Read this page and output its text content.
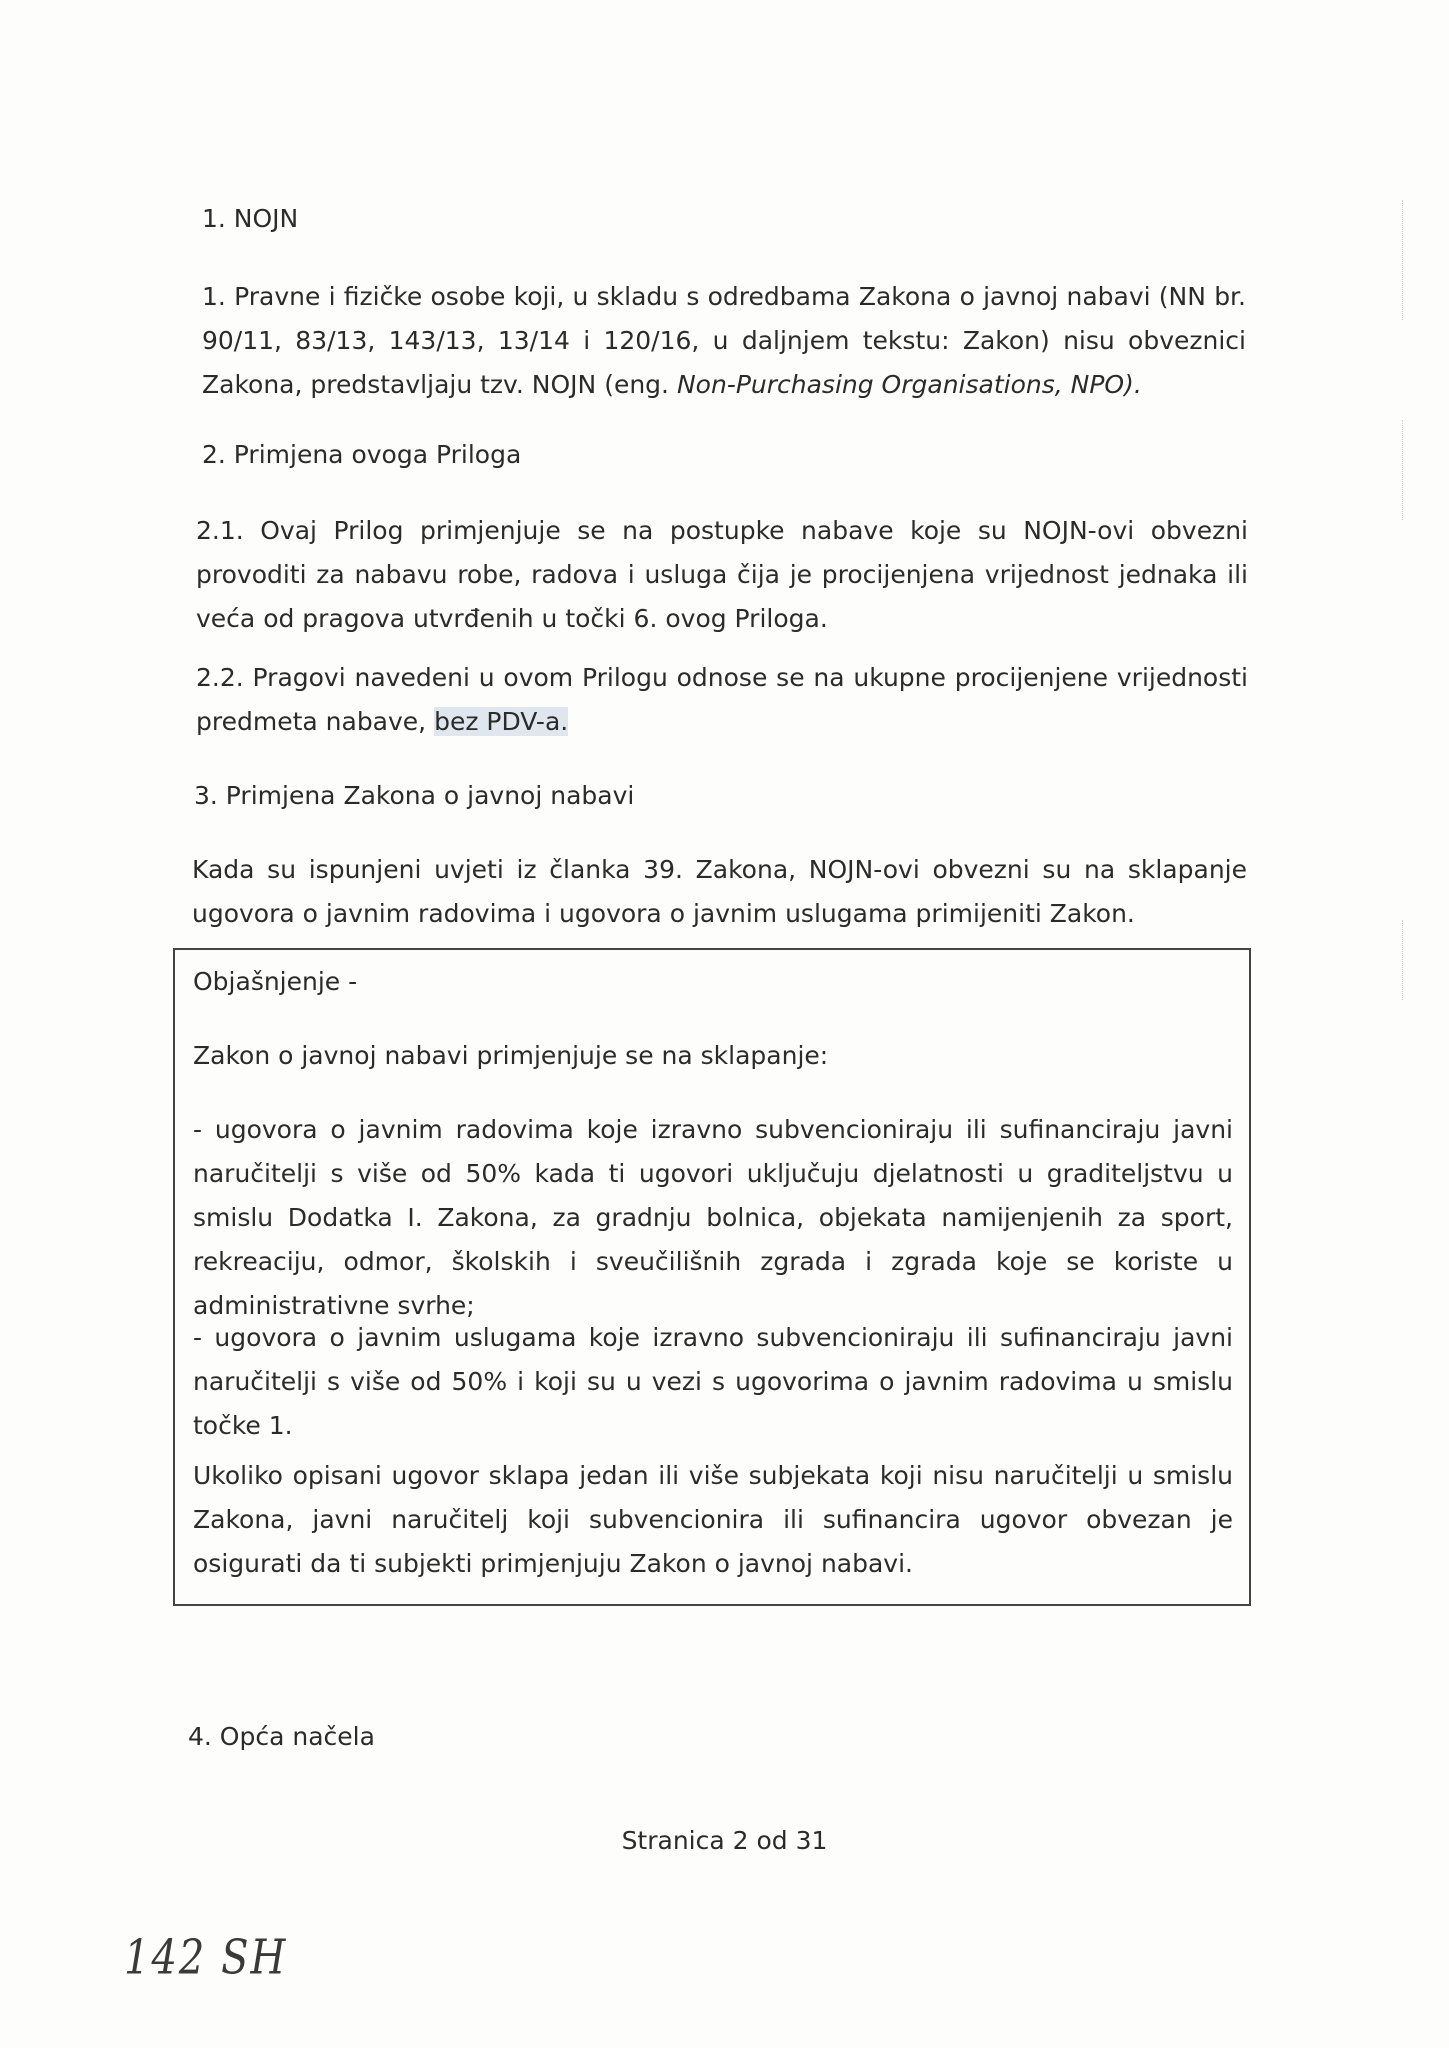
1. NOJN

1. Pravne i fizičke osobe koji, u skladu s odredbama Zakona o javnoj nabavi (NN br. 90/11, 83/13, 143/13, 13/14 i 120/16, u daljnjem tekstu: Zakon) nisu obveznici Zakona, predstavljaju tzv. NOJN (eng. Non-Purchasing Organisations, NPO).

2. Primjena ovoga Priloga

2.1. Ovaj Prilog primjenjuje se na postupke nabave koje su NOJN-ovi obvezni provoditi za nabavu robe, radova i usluga čija je procijenjena vrijednost jednaka ili veća od pragova utvrđenih u točki 6. ovog Priloga.

2.2. Pragovi navedeni u ovom Prilogu odnose se na ukupne procijenjene vrijednosti predmeta nabave, bez PDV-a.

3. Primjena Zakona o javnoj nabavi

Kada su ispunjeni uvjeti iz članka 39. Zakona, NOJN-ovi obvezni su na sklapanje ugovora o javnim radovima i ugovora o javnim uslugama primijeniti Zakon.

Objašnjenje -

Zakon o javnoj nabavi primjenjuje se na sklapanje:

- ugovora o javnim radovima koje izravno subvencioniraju ili sufinanciraju javni naručitelji s više od 50% kada ti ugovori uključuju djelatnosti u graditeljstvu u smislu Dodatka I. Zakona, za gradnju bolnica, objekata namijenjenih za sport, rekreaciju, odmor, školskih i sveučilišnih zgrada i zgrada koje se koriste u administrativne svrhe;

- ugovora o javnim uslugama koje izravno subvencioniraju ili sufinanciraju javni naručitelji s više od 50% i koji su u vezi s ugovorima o javnim radovima u smislu točke 1.

Ukoliko opisani ugovor sklapa jedan ili više subjekata koji nisu naručitelji u smislu Zakona, javni naručitelj koji subvencionira ili sufinancira ugovor obvezan je osigurati da ti subjekti primjenjuju Zakon o javnoj nabavi.

4. Opća načela

Stranica 2 od 31

142 SH
